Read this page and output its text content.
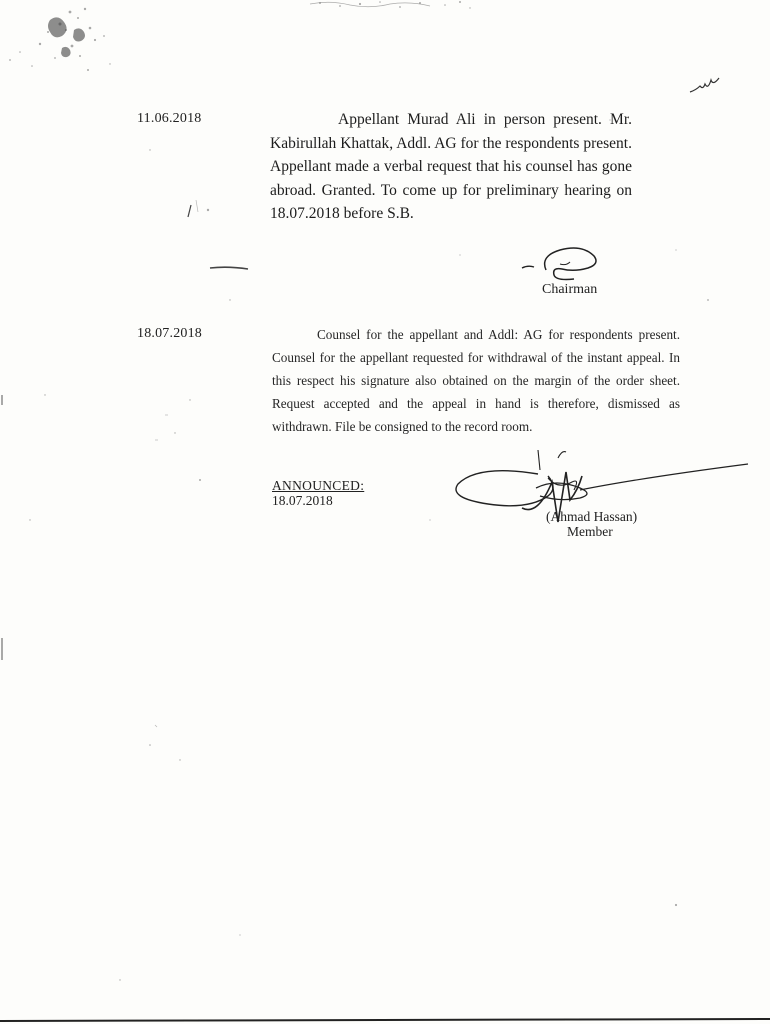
11.06.2018	Appellant Murad Ali in person present. Mr. Kabirullah Khattak, Addl. AG for the respondents present. Appellant made a verbal request that his counsel has gone abroad. Granted. To come up for preliminary hearing on 18.07.2018 before S.B.

Chairman
18.07.2018	Counsel for the appellant and Addl: AG for respondents present. Counsel for the appellant requested for withdrawal of the instant appeal. In this respect his signature also obtained on the margin of the order sheet. Request accepted and the appeal in hand is therefore, dismissed as withdrawn. File be consigned to the record room.

ANNOUNCED:
18.07.2018
(Ahmad Hassan)
Member
